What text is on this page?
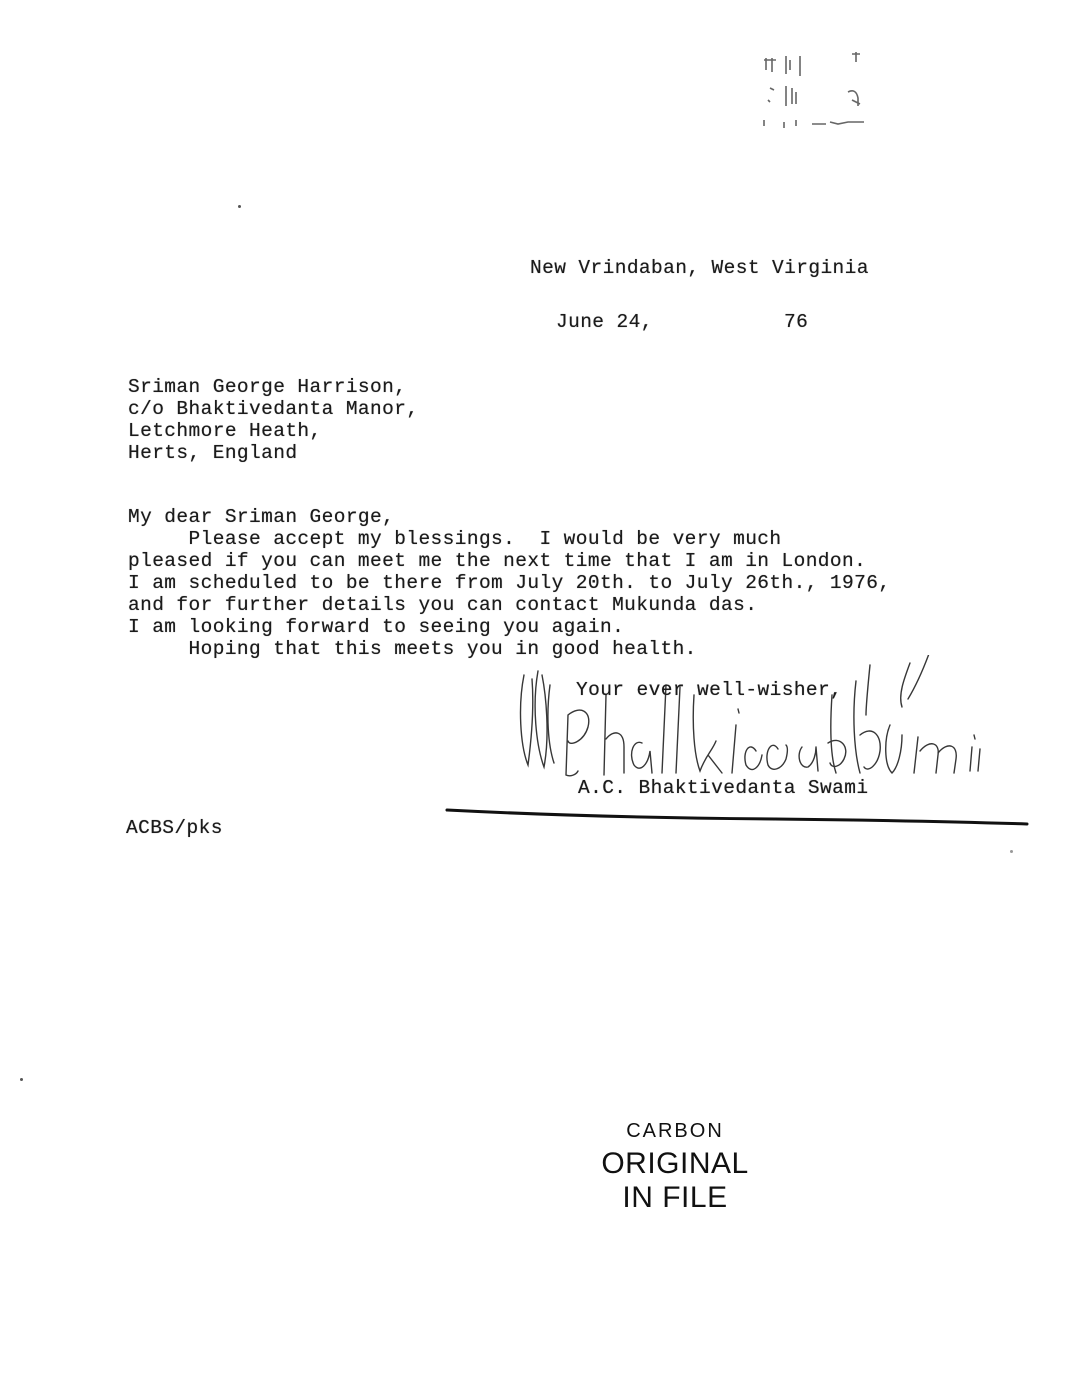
New Vrindaban, West Virginia
June 24,	76
Sriman George Harrison,
c/o Bhaktivedanta Manor,
Letchmore Heath,
Herts, England
My dear Sriman George,
Please accept my blessings.  I would be very much
pleased if you can meet me the next time that I am in London.
I am scheduled to be there from July 20th. to July 26th., 1976,
and for further details you can contact Mukunda das.
I am looking forward to seeing you again.
Hoping that this meets you in good health.
Your ever well-wisher,
A.C. Bhaktivedanta Swami
ACBS/pks
CARBON
ORIGINAL
IN FILE
